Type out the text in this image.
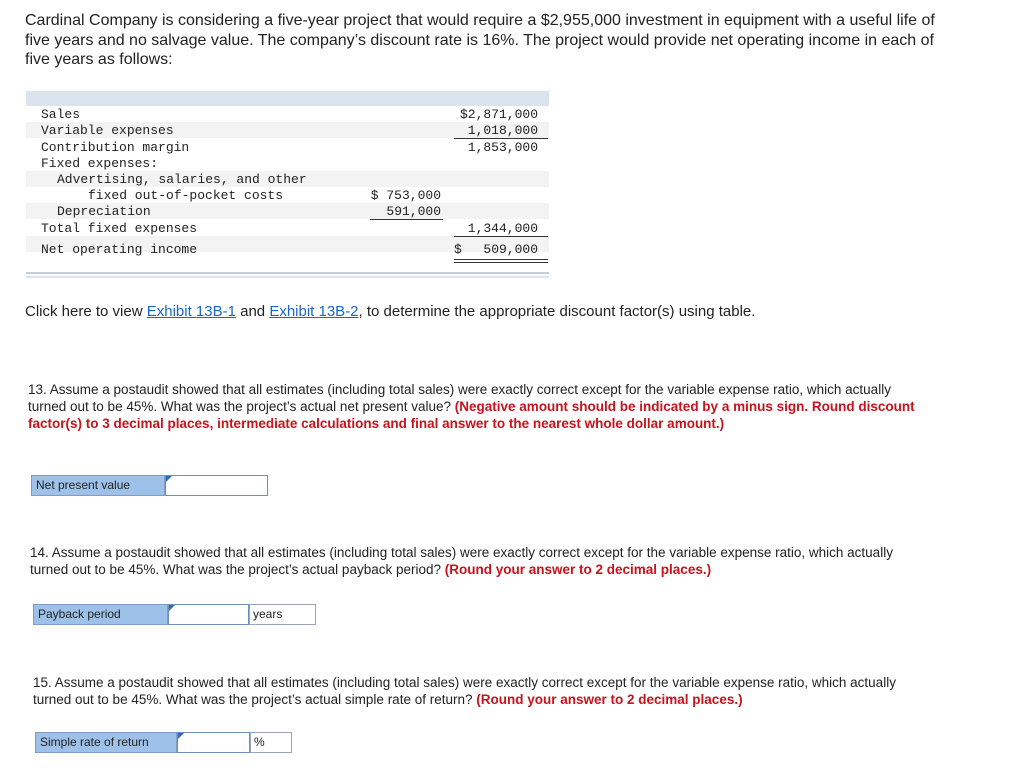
Cardinal Company is considering a five-year project that would require a $2,955,000 investment in equipment with a useful life of five years and no salvage value. The company’s discount rate is 16%. The project would provide net operating income in each of five years as follows:
Sales	$2,871,000
Variable expenses	1,018,000
Contribution margin	1,853,000
Fixed expenses:
Advertising, salaries, and other
fixed out-of-pocket costs	$ 753,000
Depreciation	591,000
Total fixed expenses	1,344,000
Net operating income	$	509,000
Click here to view Exhibit 13B-1 and Exhibit 13B-2, to determine the appropriate discount factor(s) using table.
13. Assume a postaudit showed that all estimates (including total sales) were exactly correct except for the variable expense ratio, which actually turned out to be 45%. What was the project’s actual net present value? (Negative amount should be indicated by a minus sign. Round discount factor(s) to 3 decimal places, intermediate calculations and final answer to the nearest whole dollar amount.)
Net present value
14. Assume a postaudit showed that all estimates (including total sales) were exactly correct except for the variable expense ratio, which actually turned out to be 45%. What was the project’s actual payback period? (Round your answer to 2 decimal places.)
Payback period	years
15. Assume a postaudit showed that all estimates (including total sales) were exactly correct except for the variable expense ratio, which actually turned out to be 45%. What was the project’s actual simple rate of return? (Round your answer to 2 decimal places.)
Simple rate of return	%
